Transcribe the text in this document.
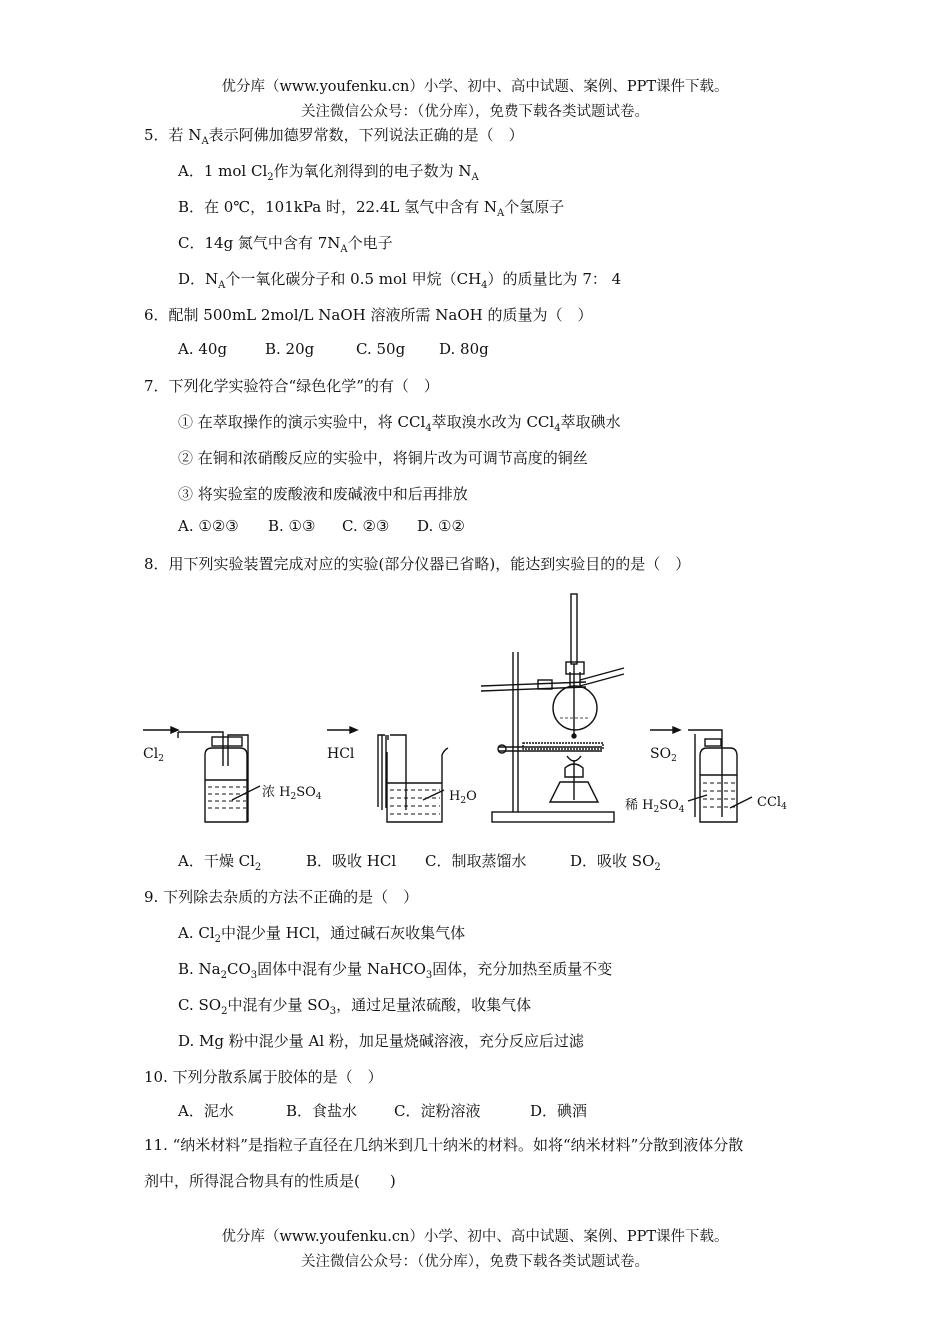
优分库（www.youfenku.cn）小学、初中、高中试题、案例、PPT课件下载。
关注微信公众号：（优分库），免费下载各类试题试卷。
5．若 $N_A$表示阿佛加德罗常数，下列说法正确的是（　）
A．1 mol $Cl_2$作为氧化剂得到的电子数为 $N_A$
B．在 0℃，101kPa 时，22.4L 氢气中含有 $N_A$个氢原子
C．14g 氮气中含有 $7N_A$个电子
D．$N_A$个一氧化碳分子和 0.5 mol 甲烷$(CH_4)$的质量比为 7： 4
6．配制 500mL 2mol/L NaOH 溶液所需 NaOH 的质量为（　）
A. 40g	B. 20g	C. 50g D. 80g
7．下列化学实验符合“绿色化学”的有（　）
① 在萃取操作的演示实验中，将 CCl$_4$萃取溴水改为 CCl$_4$萃取碘水
② 在铜和浓硝酸反应的实验中，将铜片改为可调节高度的铜丝
③ 将实验室的废酸液和废碱液中和后再排放
A. ①②③ B. ①③ C. ②③ D. ①②
8．用下列实验装置完成对应的实验(部分仪器已省略)，能达到实验目的的是（　）
$Cl_2$
浓 $H_2SO_4$
HCl
$H_2O$
$SO_2$
稀 $H_2SO_4$	CCl$_4$
A．干燥 $Cl_2$	B．吸收 HCl C．制取蒸馏水	D．吸收 $SO_2$
9. 下列除去杂质的方法不正确的是（　）
A. $Cl_2$中混少量 HCl，通过碱石灰收集气体
B. $Na_2CO_3$固体中混有少量 NaHCO$_3$固体，充分加热至质量不变
C. $SO_2$中混有少量 $SO_3$，通过足量浓硫酸，收集气体
D. Mg 粉中混少量 Al 粉，加足量烧碱溶液，充分反应后过滤
10. 下列分散系属于胶体的是（　）
A．泥水	B．食盐水 C．淀粉溶液	D．碘酒
11. “纳米材料”是指粒子直径在几纳米到几十纳米的材料。如将“纳米材料”分散到液体分散
剂中，所得混合物具有的性质是(　　)
优分库（www.youfenku.cn）小学、初中、高中试题、案例、PPT课件下载。
关注微信公众号：（优分库），免费下载各类试题试卷。
